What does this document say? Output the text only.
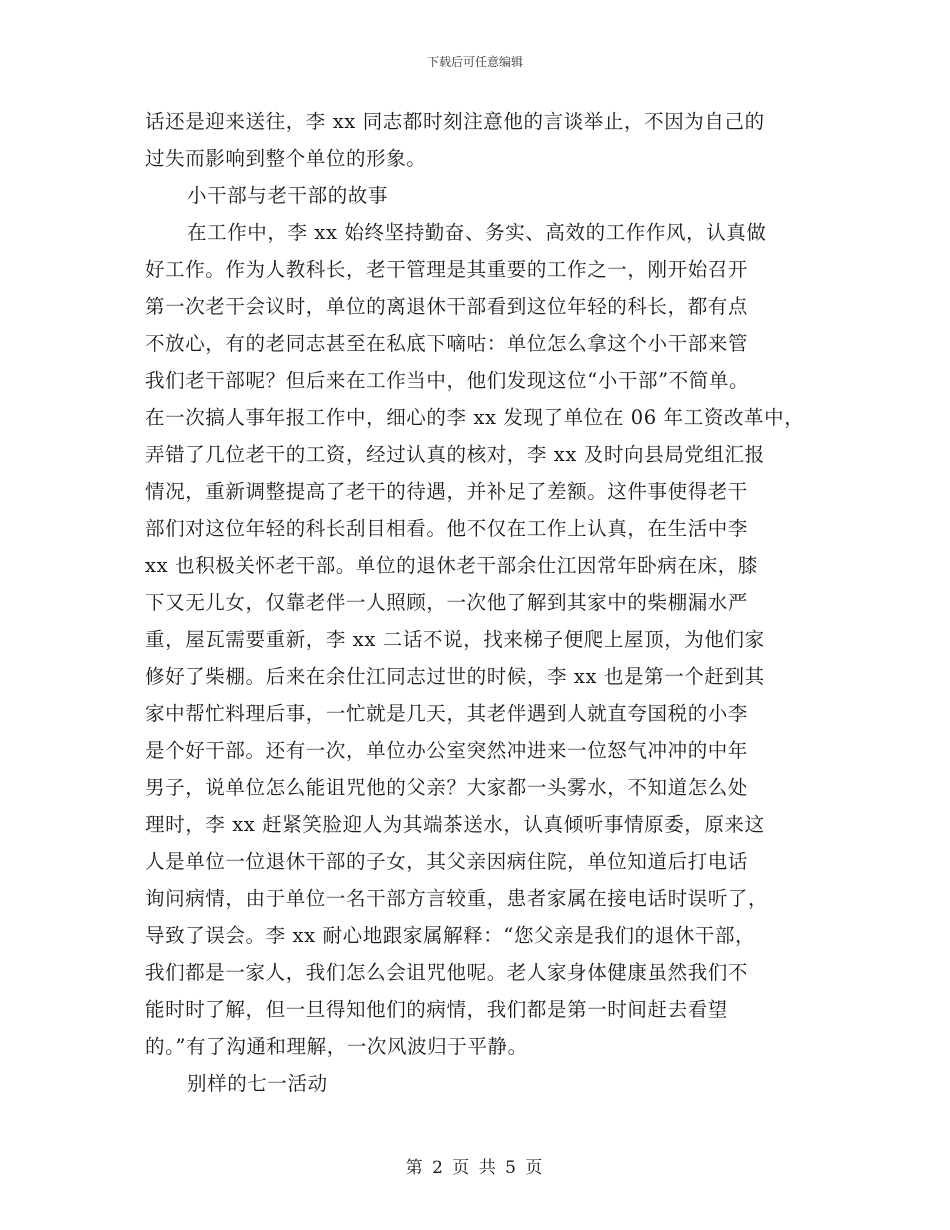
下载后可任意编辑
话还是迎来送往，李 xx 同志都时刻注意他的言谈举止，不因为自己的
过失而影响到整个单位的形象。
小干部与老干部的故事
在工作中，李 xx 始终坚持勤奋、务实、高效的工作作风，认真做
好工作。作为人教科长，老干管理是其重要的工作之一，刚开始召开
第一次老干会议时，单位的离退休干部看到这位年轻的科长，都有点
不放心，有的老同志甚至在私底下嘀咕：单位怎么拿这个小干部来管
我们老干部呢？但后来在工作当中，他们发现这位“小干部”不简单。
在一次搞人事年报工作中，细心的李 xx 发现了单位在 06 年工资改革中，
弄错了几位老干的工资，经过认真的核对，李 xx 及时向县局党组汇报
情况，重新调整提高了老干的待遇，并补足了差额。这件事使得老干
部们对这位年轻的科长刮目相看。他不仅在工作上认真，在生活中李
xx 也积极关怀老干部。单位的退休老干部余仕江因常年卧病在床，膝
下又无儿女，仅靠老伴一人照顾，一次他了解到其家中的柴棚漏水严
重，屋瓦需要重新，李 xx 二话不说，找来梯子便爬上屋顶，为他们家
修好了柴棚。后来在余仕江同志过世的时候，李 xx 也是第一个赶到其
家中帮忙料理后事，一忙就是几天，其老伴遇到人就直夸国税的小李
是个好干部。还有一次，单位办公室突然冲进来一位怒气冲冲的中年
男子，说单位怎么能诅咒他的父亲？大家都一头雾水，不知道怎么处
理时，李 xx 赶紧笑脸迎人为其端茶送水，认真倾听事情原委，原来这
人是单位一位退休干部的子女，其父亲因病住院，单位知道后打电话
询问病情，由于单位一名干部方言较重，患者家属在接电话时误听了，
导致了误会。李 xx 耐心地跟家属解释：“您父亲是我们的退休干部，
我们都是一家人，我们怎么会诅咒他呢。老人家身体健康虽然我们不
能时时了解，但一旦得知他们的病情，我们都是第一时间赶去看望
的。”有了沟通和理解，一次风波归于平静。
别样的七一活动
第 2 页 共 5 页
